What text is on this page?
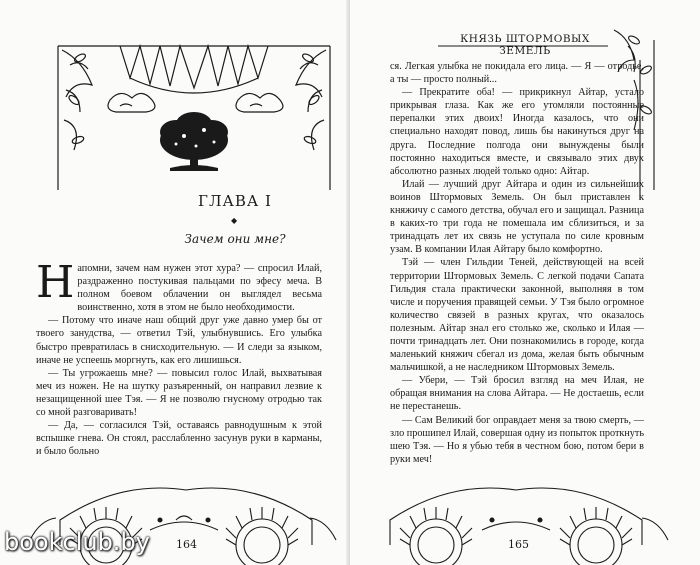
ГЛАВА I
◆
Зачем они мне?

Напомни, зачем нам нужен этот хура? — спросил Илай, раздраженно постукивая пальцами по эфесу меча. В полном боевом облачении он выглядел весьма воинственно, хотя в этом не было необходимости.

— Потому что иначе наш общий друг уже давно умер бы от твоего занудства, — ответил Тэй, улыбнувшись. Его улыбка быстро превратилась в снисходительную. — И следи за языком, иначе не успеешь моргнуть, как его лишишься.

— Ты угрожаешь мне? — повысил голос Илай, выхватывая меч из ножен. Не на шутку разъяренный, он направил лезвие к незащищенной шее Тэя. — Я не позволю гнусному отродью так со мной разговаривать!

— Да, — согласился Тэй, оставаясь равнодушным к этой вспышке гнева. Он стоял, расслабленно засунув руки в карманы, и было больно

164
КНЯЗЬ ШТОРМОВЫХ ЗЕМЕЛЬ

ся. Легкая улыбка не покидала его лица. — Я — отродье, а ты — просто полный...

— Прекратите оба! — прикрикнул Айтар, устало прикрывая глаза. Как же его утомляли постоянные перепалки этих двоих! Иногда казалось, что они специально находят повод, лишь бы накинуться друг на друга. Последние полгода они вынуждены были постоянно находиться вместе, и связывало этих двух абсолютно разных людей только одно: Айтар.

Илай — лучший друг Айтара и один из сильнейших воинов Штормовых Земель. Он был приставлен к княжичу с самого детства, обучал его и защищал. Разница в каких-то три года не помешала им сблизиться, и за тринадцать лет их связь не уступала по силе кровным узам. В компании Илая Айтару было комфортно.

Тэй — член Гильдии Теней, действующей на всей территории Штормовых Земель. С легкой подачи Сапата Гильдия стала практически законной, выполняя в том числе и поручения правящей семьи. У Тэя было огромное количество связей в разных кругах, что оказалось полезным. Айтар знал его столько же, сколько и Илая — почти тринадцать лет. Они познакомились в городе, когда маленький княжич сбегал из дома, желая быть обычным мальчишкой, а не наследником Штормовых Земель.

— Убери, — Тэй бросил взгляд на меч Илая, не обращая внимания на слова Айтара. — Не достаешь, если не перестанешь.

— Сам Великий бог оправдает меня за твою смерть, — зло прошипел Илай, совершая одну из попыток проткнуть шею Тэя. — Но я убью тебя в честном бою, потом бери в руки меч!

165
bookclub.by
